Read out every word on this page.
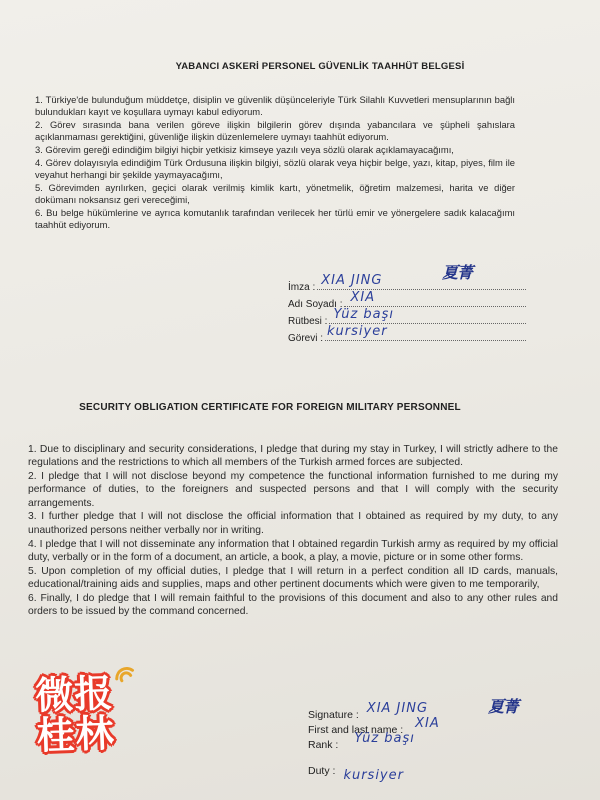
YABANCI ASKERİ PERSONEL GÜVENLİK TAAHHÜT BELGESİ
1. Türkiye'de bulunduğum müddetçe, disiplin ve güvenlik düşünceleriyle Türk Silahlı Kuvvetleri mensuplarının bağlı bulundukları kayıt ve koşullara uymayı kabul ediyorum.
2. Görev sırasında bana verilen göreve ilişkin bilgilerin görev dışında yabancılara ve şüpheli şahıslara açıklanmaması gerektiğini, güvenliğe ilişkin düzenlemelere uymayı taahhüt ediyorum.
3. Görevim gereği edindiğim bilgiyi hiçbir yetkisiz kimseye yazılı veya sözlü olarak açıklamayacağımı,
4. Görev dolayısıyla edindiğim Türk Ordusuna ilişkin bilgiyi, sözlü olarak veya hiçbir belge, yazı, kitap, piyes, film ile veyahut herhangi bir şekilde yaymayacağımı,
5. Görevimden ayrılırken, geçici olarak verilmiş kimlik kartı, yönetmelik, öğretim malzemesi, harita ve diğer dokümanı noksansız geri vereceğimi,
6. Bu belge hükümlerine ve ayrıca komutanlık tarafından verilecek her türlü emir ve yönergelere sadık kalacağımı taahhüt ediyorum.
İmza : XIA JING
Adı Soyadı : XIA
Rütbesi : Yüz başı
Görevi : kursiyer
夏菁
SECURITY OBLIGATION CERTIFICATE FOR FOREIGN MILITARY PERSONNEL
1. Due to disciplinary and security considerations, I pledge that during my stay in Turkey, I will strictly adhere to the regulations and the restrictions to which all members of the Turkish armed forces are subjected.
2. I pledge that I will not disclose beyond my competence the functional information furnished to me during my performance of duties, to the foreigners and suspected persons and that I will comply with the security arrangements.
3. I further pledge that I will not disclose the official information that I obtained as required by my duty, to any unauthorized persons neither verbally nor in writing.
4. I pledge that I will not disseminate any information that I obtained regardin Turkish army as required by my official duty, verbally or in the form of a document, an article, a book, a play, a movie, picture or in some other forms.
5. Upon completion of my official duties, I pledge that I will return in a perfect condition all ID cards, manuals, educational/training aids and supplies, maps and other pertinent documents which were given to me temporarily,
6. Finally, I do pledge that I will remain faithful to the provisions of this document and also to any other rules and orders to be issued by the command concerned.
Signature : XIA JING
First and last name : XIA
Rank : Yüz başı
Duty : kursiyer
夏菁
微报
桂林
